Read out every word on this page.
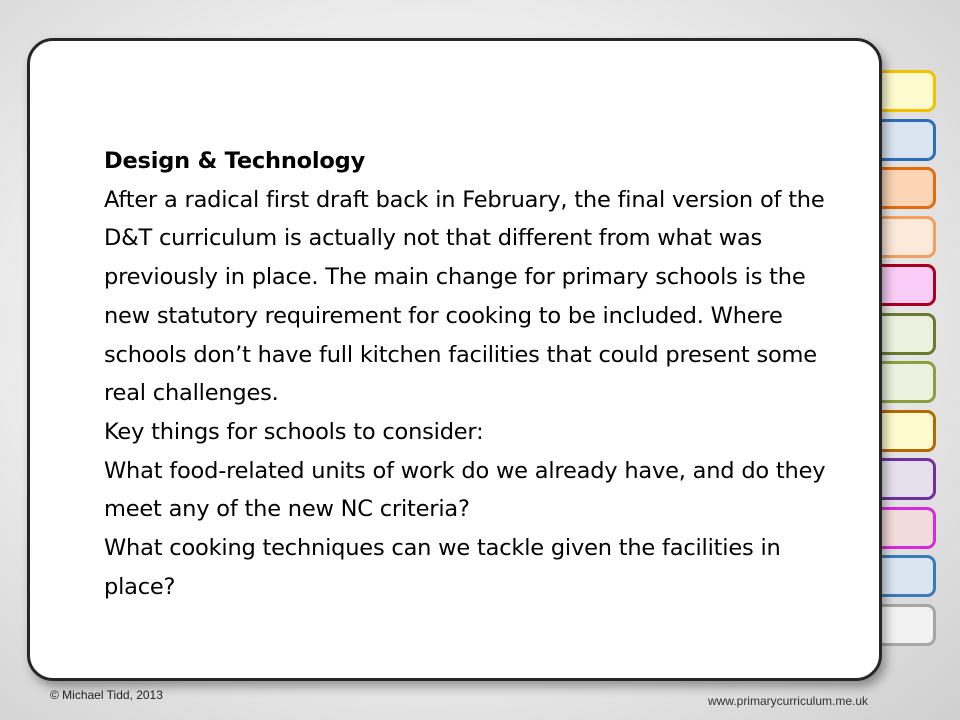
Design & Technology

After a radical first draft back in February, the final version of the D&T curriculum is actually not that different from what was previously in place. The main change for primary schools is the new statutory requirement for cooking to be included. Where schools don’t have full kitchen facilities that could present some real challenges.

Key things for schools to consider:

What food-related units of work do we already have, and do they meet any of the new NC criteria?

What cooking techniques can we tackle given the facilities in place?

© Michael Tidd, 2013	www.primarycurriculum.me.uk
